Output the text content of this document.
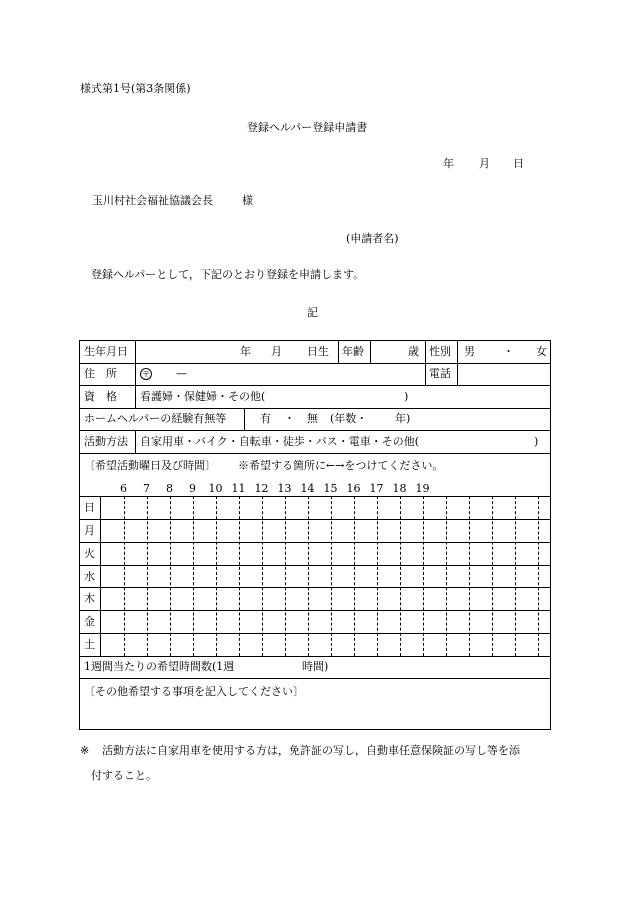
様式第1号(第3条関係)
登録ヘルパー登録申請書
年 月 日
玉川村社会福祉協議会長	様
(申請者名)
登録ヘルパーとして，下記のとおり登録を申請します。
記
生年月日	年 月 日生 年齢	歳 性別 男	・ 女
住　所	〒 —	電話
資　格 看護婦・保健婦・その他(	)
ホームヘルパーの経験有無等	有 ・ 無 (年数・	年)
活動方法 自家用車・バイク・自転車・徒歩・バス・電車・その他(	)
〔希望活動曜日及び時間〕 ※希望する箇所に←→をつけてください。
6	7	8	9	10 11 12 13 14 15 16 17 18 19
日
月
火
水
木
金
土
1週間当たりの希望時間数(1週	時間)
〔その他希望する事項を記入してください〕
※ 活動方法に自家用車を使用する方は，免許証の写し，自動車任意保険証の写し等を添
付すること。
